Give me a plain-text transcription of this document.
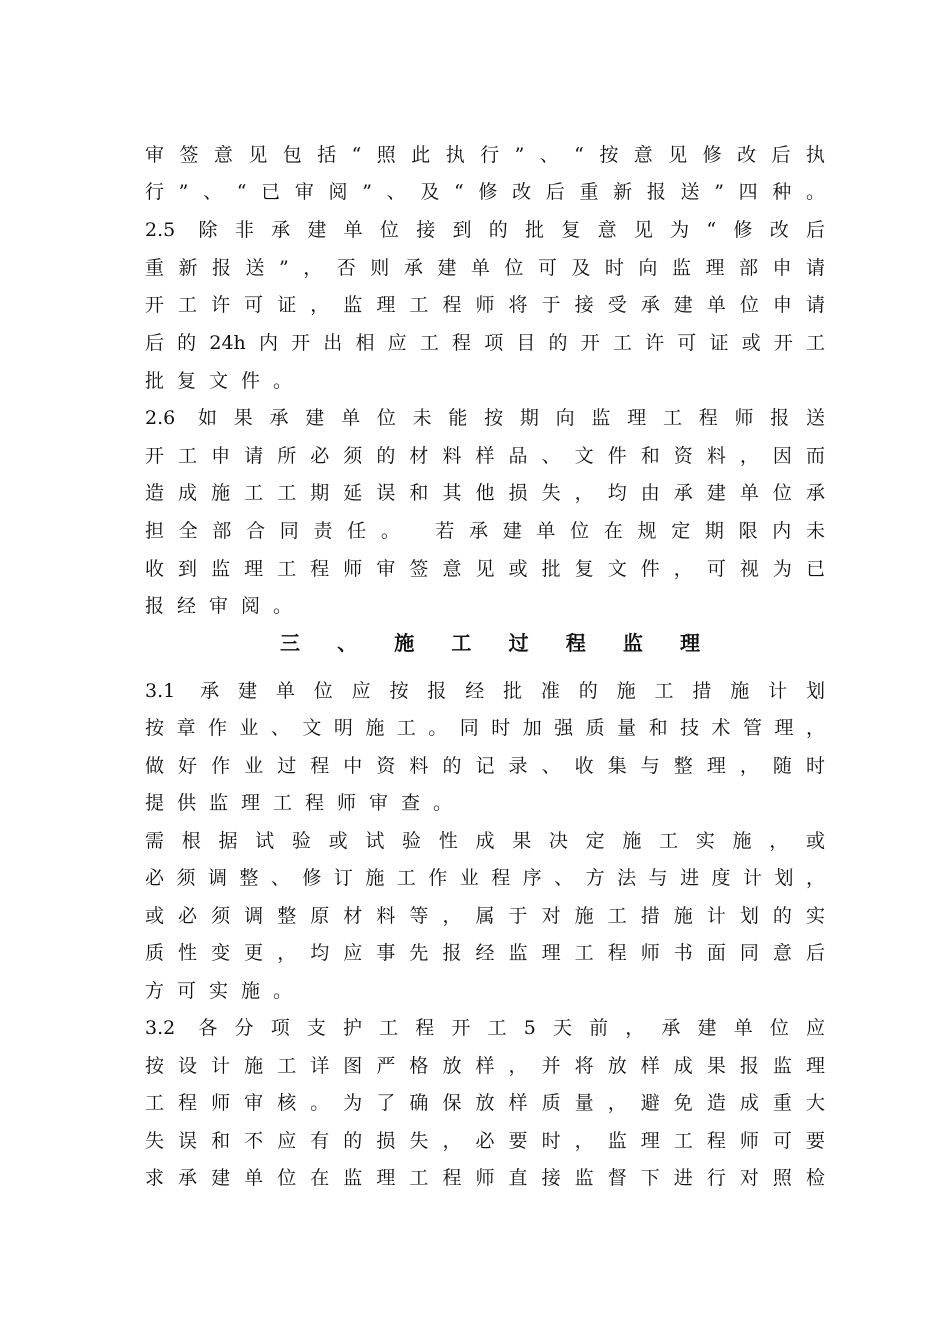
审签意见包括“照此执行”、“按意见修改后执
行”、“已审阅”、及“修改后重新报送”四种。
2.5 除非承建单位接到的批复意见为“修改后
重新报送”，否则承建单位可及时向监理部申请
开工许可证，监理工程师将于接受承建单位申请
后的24h内开出相应工程项目的开工许可证或开工
批复文件。
2.6 如果承建单位未能按期向监理工程师报送
开工申请所必须的材料样品、文件和资料，因而
造成施工工期延误和其他损失，均由承建单位承
担全部合同责任。 若承建单位在规定期限内未
收到监理工程师审签意见或批复文件，可视为已
报经审阅。
三、施工过程监理
3.1 承建单位应按报经批准的施工措施计划
按章作业、文明施工。同时加强质量和技术管理，
做好作业过程中资料的记录、收集与整理，随时
提供监理工程师审查。
需根据试验或试验性成果决定施工实施，或
必须调整、修订施工作业程序、方法与进度计划，
或必须调整原材料等，属于对施工措施计划的实
质性变更，均应事先报经监理工程师书面同意后
方可实施。
3.2 各分项支护工程开工5天前，承建单位应
按设计施工详图严格放样，并将放样成果报监理
工程师审核。为了确保放样质量，避免造成重大
失误和不应有的损失，必要时，监理工程师可要
求承建单位在监理工程师直接监督下进行对照检
